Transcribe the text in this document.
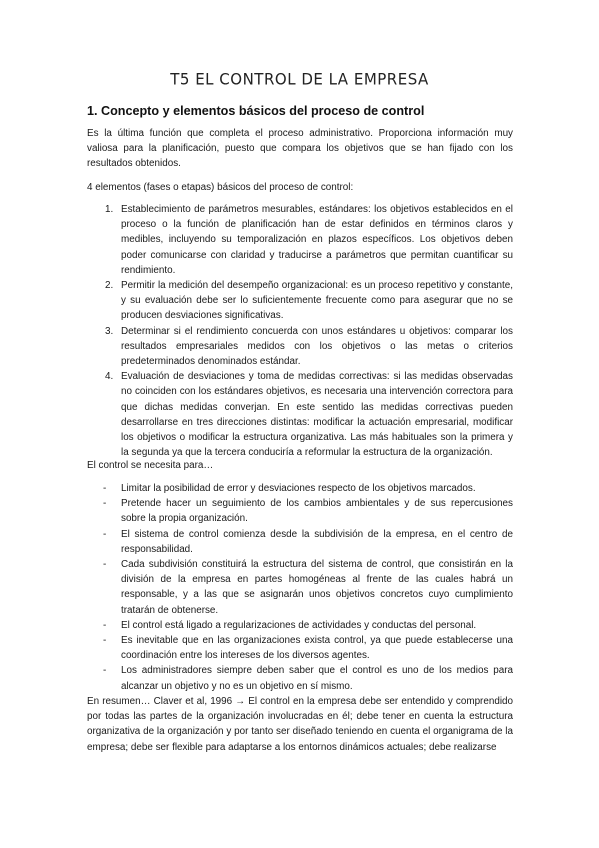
T5 EL CONTROL DE LA EMPRESA
1. Concepto y elementos básicos del proceso de control

Es la última función que completa el proceso administrativo. Proporciona información muy valiosa para la planificación, puesto que compara los objetivos que se han fijado con los resultados obtenidos.

4 elementos (fases o etapas) básicos del proceso de control:

1. Establecimiento de parámetros mesurables, estándares: los objetivos establecidos en el proceso o la función de planificación han de estar definidos en términos claros y medibles, incluyendo su temporalización en plazos específicos. Los objetivos deben poder comunicarse con claridad y traducirse a parámetros que permitan cuantificar su rendimiento.
2. Permitir la medición del desempeño organizacional: es un proceso repetitivo y constante, y su evaluación debe ser lo suficientemente frecuente como para asegurar que no se producen desviaciones significativas.
3. Determinar si el rendimiento concuerda con unos estándares u objetivos: comparar los resultados empresariales medidos con los objetivos o las metas o criterios predeterminados denominados estándar.
4. Evaluación de desviaciones y toma de medidas correctivas: si las medidas observadas no coinciden con los estándares objetivos, es necesaria una intervención correctora para que dichas medidas converjan. En este sentido las medidas correctivas pueden desarrollarse en tres direcciones distintas: modificar la actuación empresarial, modificar los objetivos o modificar la estructura organizativa. Las más habituales son la primera y la segunda ya que la tercera conduciría a reformular la estructura de la organización.

El control se necesita para…

- Limitar la posibilidad de error y desviaciones respecto de los objetivos marcados.
- Pretende hacer un seguimiento de los cambios ambientales y de sus repercusiones sobre la propia organización.
- El sistema de control comienza desde la subdivisión de la empresa, en el centro de responsabilidad.
- Cada subdivisión constituirá la estructura del sistema de control, que consistirán en la división de la empresa en partes homogéneas al frente de las cuales habrá un responsable, y a las que se asignarán unos objetivos concretos cuyo cumplimiento tratarán de obtenerse.
- El control está ligado a regularizaciones de actividades y conductas del personal.
- Es inevitable que en las organizaciones exista control, ya que puede establecerse una coordinación entre los intereses de los diversos agentes.
- Los administradores siempre deben saber que el control es uno de los medios para alcanzar un objetivo y no es un objetivo en sí mismo.

En resumen… Claver et al, 1996 → El control en la empresa debe ser entendido y comprendido por todas las partes de la organización involucradas en él; debe tener en cuenta la estructura organizativa de la organización y por tanto ser diseñado teniendo en cuenta el organigrama de la empresa; debe ser flexible para adaptarse a los entornos dinámicos actuales; debe realizarse
